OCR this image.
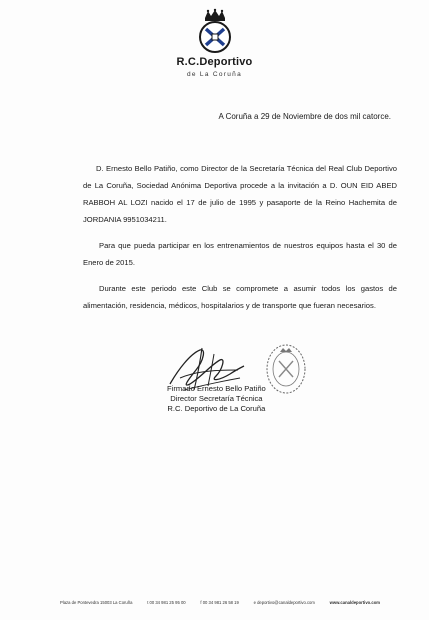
R.C.Deportivo
de La Coruña
A Coruña a 29 de Noviembre de dos mil catorce.

D. Ernesto Bello Patiño, como Director de la Secretaría Técnica del Real Club Deportivo de La Coruña, Sociedad Anónima Deportiva procede a la invitación a D. OUN EID ABED RABBOH AL LOZI nacido el 17 de julio de 1995 y pasaporte de la Reino Hachemita de JORDANIA 9951034211.

Para que pueda participar en los entrenamientos de nuestros equipos hasta el 30 de Enero de 2015.

Durante este periodo este Club se compromete a asumir todos los gastos de alimentación, residencia, médicos, hospitalarios y de transporte que fueran necesarios.

Firmado Ernesto Bello Patiño
Director Secretaría Técnica
R.C. Deportivo de La Coruña
Plaza de Pontevedra 15003 La Coruña	t 00 34 981 25 95 00	f 00 34 981 26 58 19	e deportivo@canaldeportivo.com	www.canaldeportivo.com
